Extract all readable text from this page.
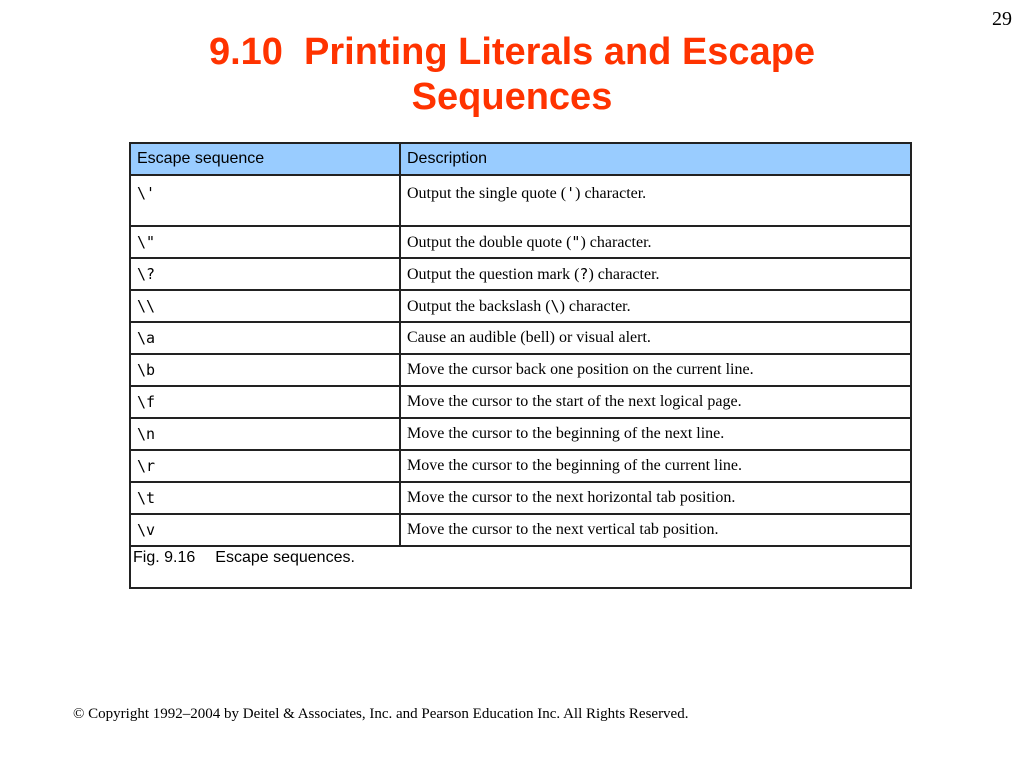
29
9.10  Printing Literals and Escape
Sequences
Escape sequence	Description
\'	Output the single quote (') character.
\"	Output the double quote (") character.
\?	Output the question mark (?) character.
\\	Output the backslash (\) character.
\a	Cause an audible (bell) or visual alert.
\b	Move the cursor back one position on the current line.
\f	Move the cursor to the start of the next logical page.
\n	Move the cursor to the beginning of the next line.
\r	Move the cursor to the beginning of the current line.
\t	Move the cursor to the next horizontal tab position.
\v	Move the cursor to the next vertical tab position.
Fig. 9.16 Escape sequences.	
© Copyright 1992–2004 by Deitel & Associates, Inc. and Pearson Education Inc. All Rights Reserved.
